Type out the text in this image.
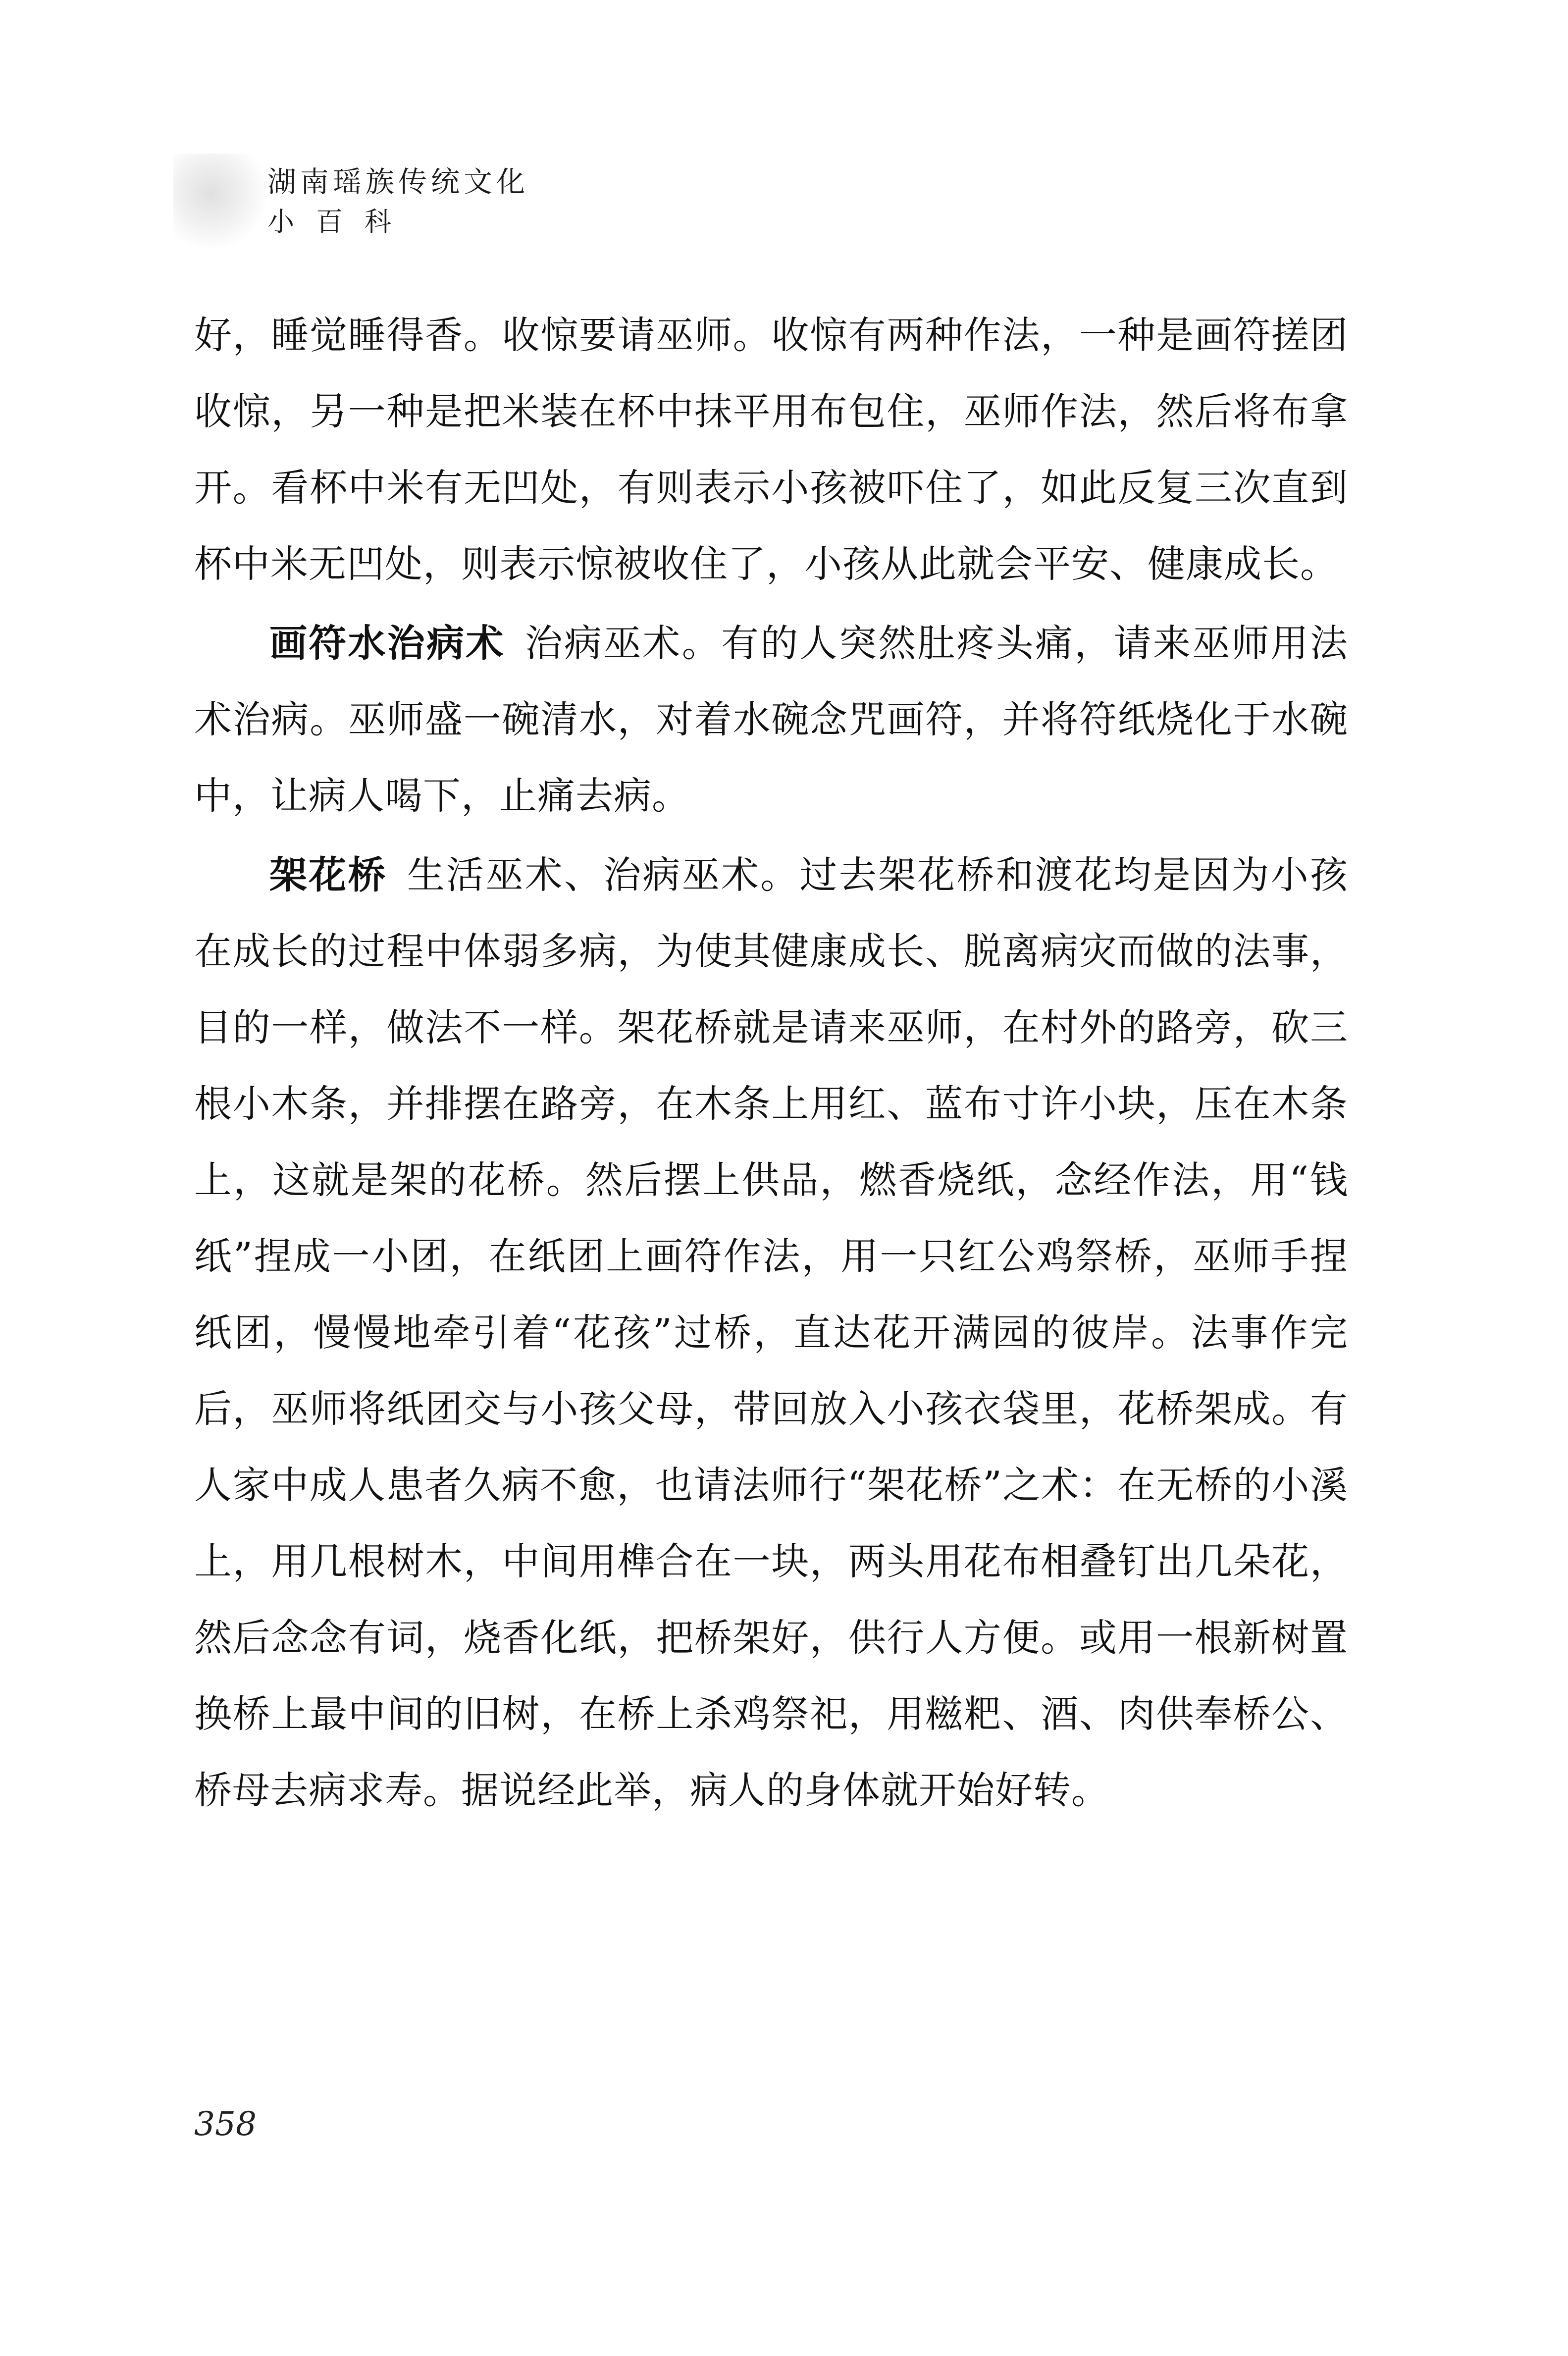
湖南瑶族传统文化
小百科

好，睡觉睡得香。收惊要请巫师。收惊有两种作法，一种是画符搓团收惊，另一种是把米装在杯中抹平用布包住，巫师作法，然后将布拿开。看杯中米有无凹处，有则表示小孩被吓住了，如此反复三次直到杯中米无凹处，则表示惊被收住了，小孩从此就会平安、健康成长。

画符水治病术 治病巫术。有的人突然肚疼头痛，请来巫师用法术治病。巫师盛一碗清水，对着水碗念咒画符，并将符纸烧化于水碗中，让病人喝下，止痛去病。

架花桥 生活巫术、治病巫术。过去架花桥和渡花均是因为小孩在成长的过程中体弱多病，为使其健康成长、脱离病灾而做的法事，目的一样，做法不一样。架花桥就是请来巫师，在村外的路旁，砍三根小木条，并排摆在路旁，在木条上用红、蓝布寸许小块，压在木条上，这就是架的花桥。然后摆上供品，燃香烧纸，念经作法，用“钱纸”捏成一小团，在纸团上画符作法，用一只红公鸡祭桥，巫师手捏纸团，慢慢地牵引着“花孩”过桥，直达花开满园的彼岸。法事作完后，巫师将纸团交与小孩父母，带回放入小孩衣袋里，花桥架成。有人家中成人患者久病不愈，也请法师行“架花桥”之术：在无桥的小溪上，用几根树木，中间用榫合在一块，两头用花布相叠钉出几朵花，然后念念有词，烧香化纸，把桥架好，供行人方便。或用一根新树置换桥上最中间的旧树，在桥上杀鸡祭祀，用糍粑、酒、肉供奉桥公、桥母去病求寿。据说经此举，病人的身体就开始好转。

358
